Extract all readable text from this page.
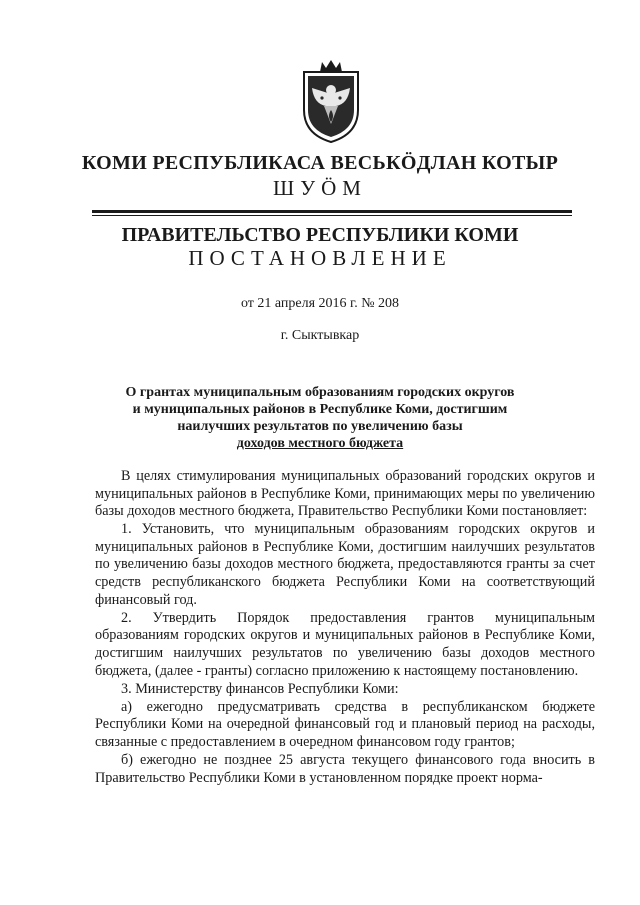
КОМИ РЕСПУБЛИКАСА ВЕСЬКӦДЛАН КОТЫР
ШУӦМ
ПРАВИТЕЛЬСТВО РЕСПУБЛИКИ КОМИ
ПОСТАНОВЛЕНИЕ
от 21 апреля 2016 г. № 208
г. Сыктывкар
О грантах муниципальным образованиям городских округов
и муниципальных районов в Республике Коми, достигшим
наилучших результатов по увеличению базы
доходов местного бюджета

В целях стимулирования муниципальных образований городских округов и муниципальных районов в Республике Коми, принимающих меры по увеличению базы доходов местного бюджета, Правительство Республики Коми постановляет:

1. Установить, что муниципальным образованиям городских округов и муниципальных районов в Республике Коми, достигшим наилучших результатов по увеличению базы доходов местного бюджета, предоставляются гранты за счет средств республиканского бюджета Республики Коми на соответствующий финансовый год.

2. Утвердить Порядок предоставления грантов муниципальным образованиям городских округов и муниципальных районов в Республике Коми, достигшим наилучших результатов по увеличению базы доходов местного бюджета, (далее - гранты) согласно приложению к настоящему постановлению.

3. Министерству финансов Республики Коми:

а) ежегодно предусматривать средства в республиканском бюджете Республики Коми на очередной финансовый год и плановый период на расходы, связанные с предоставлением в очередном финансовом году грантов;

б) ежегодно не позднее 25 августа текущего финансового года вносить в Правительство Республики Коми в установленном порядке проект норма-
